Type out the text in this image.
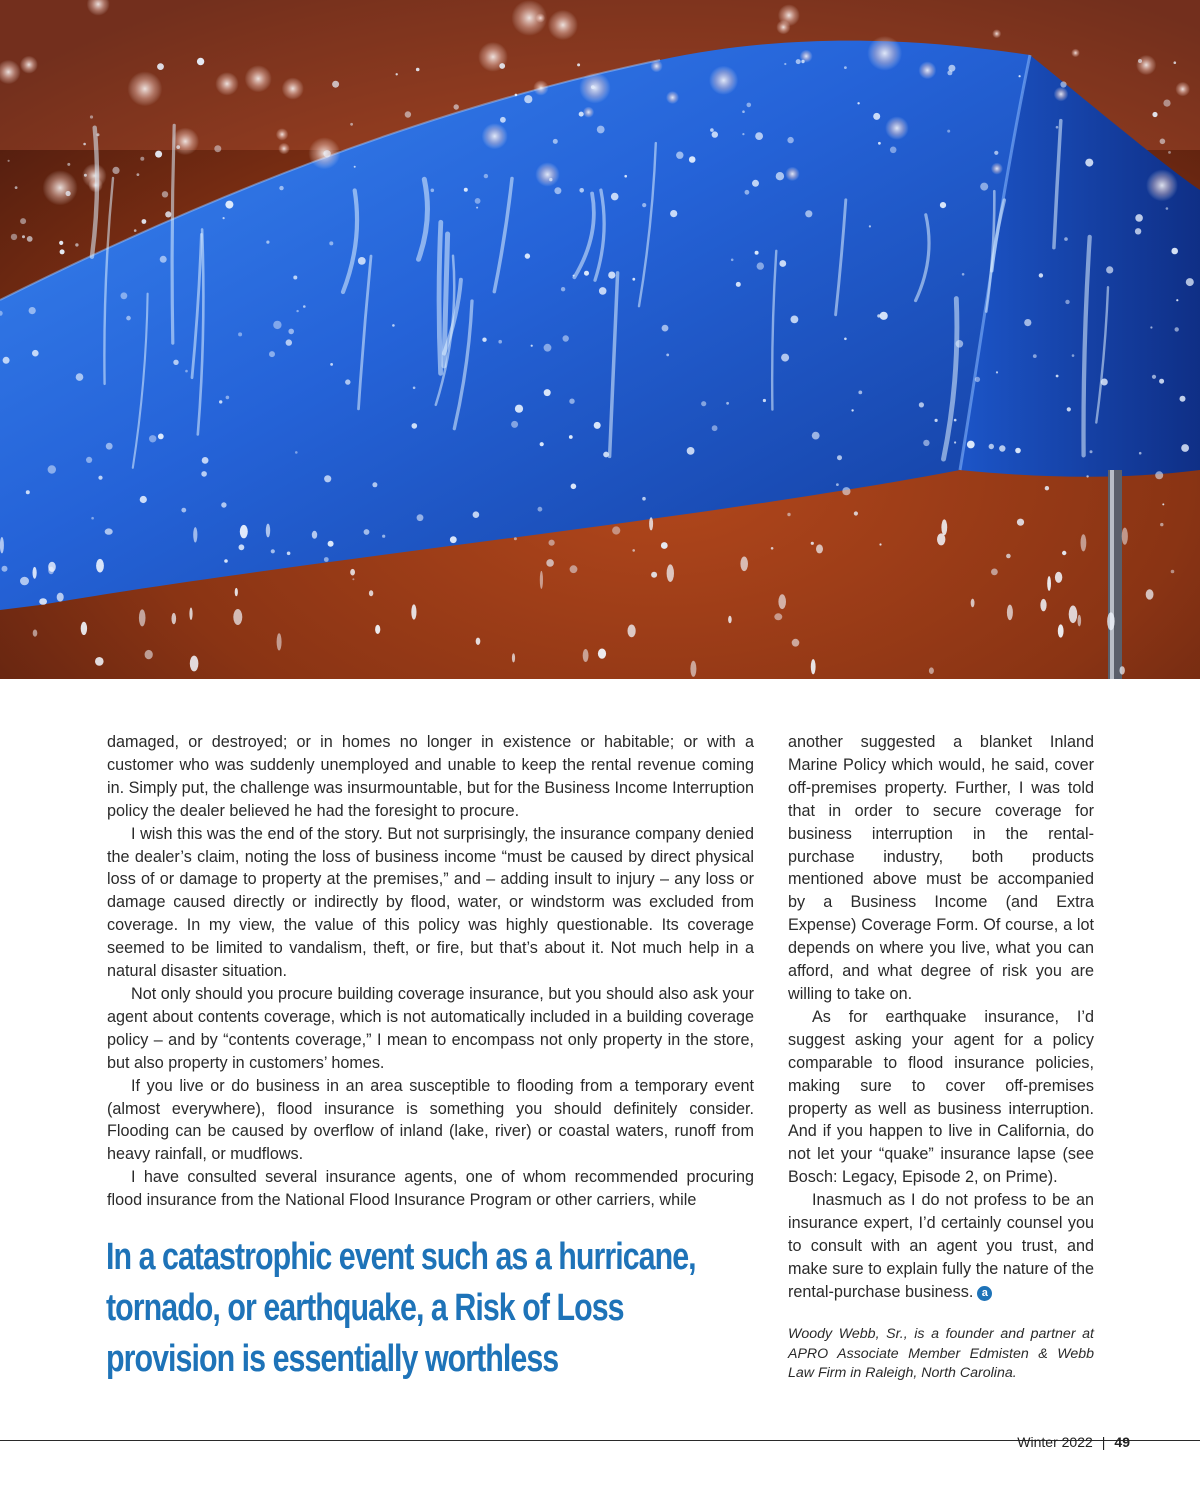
damaged, or destroyed; or in homes no longer in existence or habitable; or with a customer who was suddenly unemployed and unable to keep the rental revenue coming in. Simply put, the challenge was insurmountable, but for the Business Income Interruption policy the dealer believed he had the foresight to procure.

I wish this was the end of the story. But not surprisingly, the insurance company denied the dealer’s claim, noting the loss of business income “must be caused by direct physical loss of or damage to property at the premises,” and – adding insult to injury – any loss or damage caused directly or indirectly by flood, water, or windstorm was excluded from coverage. In my view, the value of this policy was highly questionable. Its coverage seemed to be limited to vandalism, theft, or fire, but that’s about it. Not much help in a natural disaster situation.

Not only should you procure building coverage insurance, but you should also ask your agent about contents coverage, which is not automatically included in a building coverage policy – and by “contents coverage,” I mean to encompass not only property in the store, but also property in customers’ homes.

If you live or do business in an area susceptible to flooding from a temporary event (almost everywhere), flood insurance is something you should definitely consider. Flooding can be caused by overflow of inland (lake, river) or coastal waters, runoff from heavy rainfall, or mudflows.

I have consulted several insurance agents, one of whom recommended procuring flood insurance from the National Flood Insurance Program or other carriers, while

In a catastrophic event such as a hurricane, tornado, or earthquake, a Risk of Loss provision is essentially worthless

another suggested a blanket Inland Marine Policy which would, he said, cover off-premises property. Further, I was told that in order to secure coverage for business interruption in the rental-purchase industry, both products mentioned above must be accompanied by a Business Income (and Extra Expense) Coverage Form. Of course, a lot depends on where you live, what you can afford, and what degree of risk you are willing to take on.

As for earthquake insurance, I’d suggest asking your agent for a policy comparable to flood insurance policies, making sure to cover off-premises property as well as business interruption. And if you happen to live in California, do not let your “quake” insurance lapse (see Bosch: Legacy, Episode 2, on Prime).

Inasmuch as I do not profess to be an insurance expert, I’d certainly counsel you to consult with an agent you trust, and make sure to explain fully the nature of the rental-purchase business. a

Woody Webb, Sr., is a founder and partner at APRO Associate Member Edmisten & Webb Law Firm in Raleigh, North Carolina.

Winter 2022 | 49
